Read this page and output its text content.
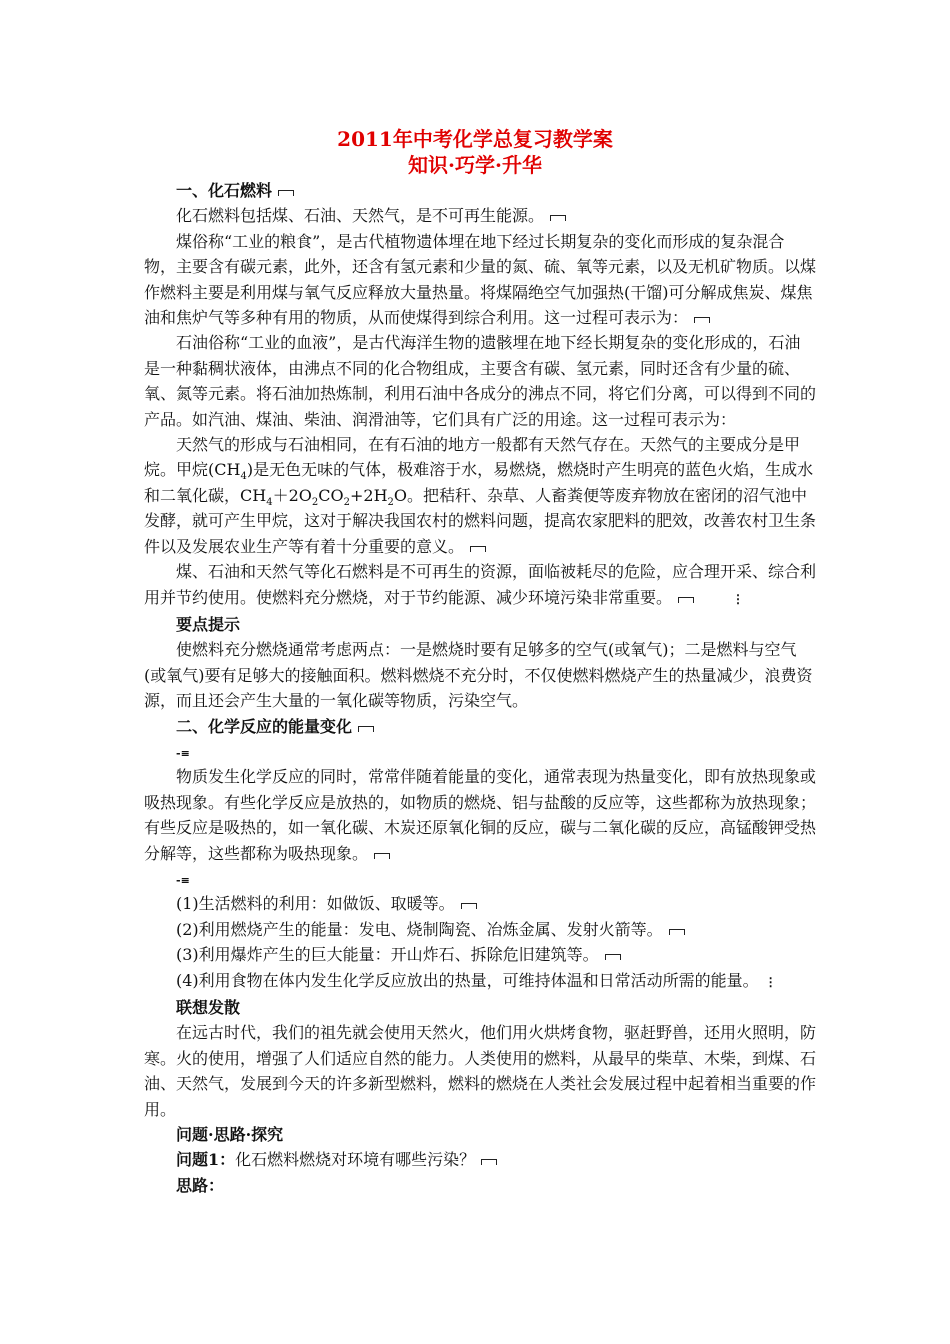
2011年中考化学总复习教学案

知识·巧学·升华

一、化石燃料

化石燃料包括煤、石油、天然气，是不可再生能源。

煤俗称“工业的粮食”，是古代植物遗体埋在地下经过长期复杂的变化而形成的复杂混合物，主要含有碳元素，此外，还含有氢元素和少量的氮、硫、氧等元素，以及无机矿物质。以煤作燃料主要是利用煤与氧气反应释放大量热量。将煤隔绝空气加强热(干馏)可分解成焦炭、煤焦油和焦炉气等多种有用的物质，从而使煤得到综合利用。这一过程可表示为：

石油俗称“工业的血液”，是古代海洋生物的遗骸埋在地下经长期复杂的变化形成的，石油是一种黏稠状液体，由沸点不同的化合物组成，主要含有碳、氢元素，同时还含有少量的硫、氧、氮等元素。将石油加热炼制，利用石油中各成分的沸点不同，将它们分离，可以得到不同的产品。如汽油、煤油、柴油、润滑油等，它们具有广泛的用途。这一过程可表示为：

天然气的形成与石油相同，在有石油的地方一般都有天然气存在。天然气的主要成分是甲烷。甲烷$(CH_4)$是无色无味的气体，极难溶于水，易燃烧，燃烧时产生明亮的蓝色火焰，生成水和二氧化碳，$CH_4+2O_2CO_2+2H_2O$。把秸秆、杂草、人畜粪便等废弃物放在密闭的沼气池中发酵，就可产生甲烷，这对于解决我国农村的燃料问题，提高农家肥料的肥效，改善农村卫生条件以及发展农业生产等有着十分重要的意义。

煤、石油和天然气等化石燃料是不可再生的资源，面临被耗尽的危险，应合理开采、综合利用并节约使用。使燃料充分燃烧，对于节约能源、减少环境污染非常重要。	⋮

要点提示

使燃料充分燃烧通常考虑两点：一是燃烧时要有足够多的空气(或氧气)；二是燃料与空气(或氧气)要有足够大的接触面积。燃料燃烧不充分时，不仅使燃料燃烧产生的热量减少，浪费资源，而且还会产生大量的一氧化碳等物质，污染空气。

二、化学反应的能量变化

-≡

物质发生化学反应的同时，常常伴随着能量的变化，通常表现为热量变化，即有放热现象或吸热现象。有些化学反应是放热的，如物质的燃烧、铝与盐酸的反应等，这些都称为放热现象；有些反应是吸热的，如一氧化碳、木炭还原氧化铜的反应，碳与二氧化碳的反应，高锰酸钾受热分解等，这些都称为吸热现象。

-≡

(1)生活燃料的利用：如做饭、取暖等。

(2)利用燃烧产生的能量：发电、烧制陶瓷、冶炼金属、发射火箭等。

(3)利用爆炸产生的巨大能量：开山炸石、拆除危旧建筑等。

(4)利用食物在体内发生化学反应放出的热量，可维持体温和日常活动所需的能量。 ⋮

联想发散

在远古时代，我们的祖先就会使用天然火，他们用火烘烤食物，驱赶野兽，还用火照明，防寒。火的使用，增强了人们适应自然的能力。人类使用的燃料，从最早的柴草、木柴，到煤、石油、天然气，发展到今天的许多新型燃料，燃料的燃烧在人类社会发展过程中起着相当重要的作用。

问题·思路·探究

问题1：化石燃料燃烧对环境有哪些污染？

思路：
